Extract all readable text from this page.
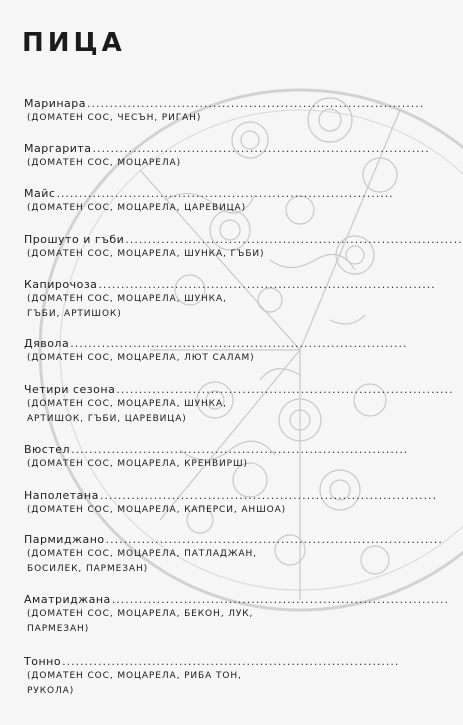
ПИЦА
Маринара ...........................................................................
(ДОМАТЕН СОС, ЧЕСЪН, РИГАН)
Маргарита ...........................................................................
(ДОМАТЕН СОС, МОЦАРЕЛА)
Майс ...........................................................................
(ДОМАТЕН СОС, МОЦАРЕЛА, ЦАРЕВИЦА)
Прошуто и гъби ...........................................................................
(ДОМАТЕН СОС, МОЦАРЕЛА, ШУНКА, ГЪБИ)
Капирочоза ...........................................................................
(ДОМАТЕН СОС, МОЦАРЕЛА, ШУНКА,
ГЪБИ, АРТИШОК)
Дявола ...........................................................................
(ДОМАТЕН СОС, МОЦАРЕЛА, ЛЮТ САЛАМ)
Четири сезона ...........................................................................
(ДОМАТЕН СОС, МОЦАРЕЛА, ШУНКА,
АРТИШОК, ГЪБИ, ЦАРЕВИЦА)
Вюстел ...........................................................................
(ДОМАТЕН СОС, МОЦАРЕЛА, КРЕНВИРШ)
Наполетана ...........................................................................
(ДОМАТЕН СОС, МОЦАРЕЛА, КАПЕРСИ, АНШОА)
Пармиджано ...........................................................................
(ДОМАТЕН СОС, МОЦАРЕЛА, ПАТЛАДЖАН,
БОСИЛЕК, ПАРМЕЗАН)
Аматриджана ...........................................................................
(ДОМАТЕН СОС, МОЦАРЕЛА, БЕКОН, ЛУК,
ПАРМЕЗАН)
Тонно ...........................................................................
(ДОМАТЕН СОС, МОЦАРЕЛА, РИБА ТОН,
РУКОЛА)
